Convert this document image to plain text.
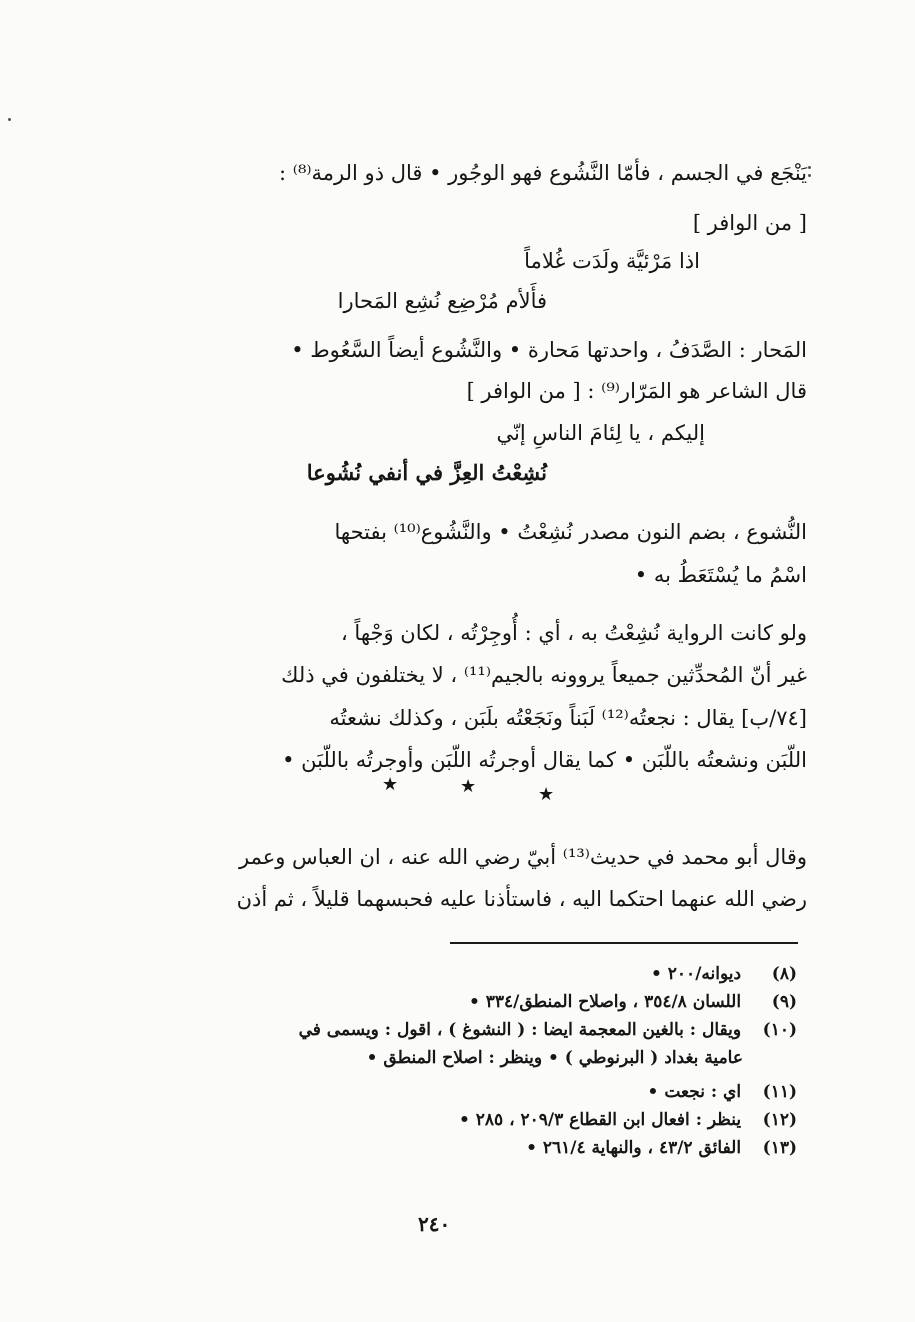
يَنْجَع في الجسم ، فأمّا النَّشُوع فهو الوجُور • قال ذو الرمة⁽⁸⁾ :
[ من الوافر ]
اذا مَرْئيَّة ولَدَت غُلاماً
فأَلأم مُرْضِع نُشِع المَحارا
المَحار : الصَّدَفُ ، واحدتها مَحارة • والنَّشُوع أيضاً السَّعُوط •
قال الشاعر هو المَرّار⁽⁹⁾ : [ من الوافر ]
إليكم ، يا لِئامَ الناسِ إنّي
نُشِعْتُ العِزَّ في أنفي نُشُوعا
النُّشوع ، بضم النون مصدر نُشِعْتُ • والنَّشُوع⁽¹⁰⁾ بفتحها
اسْمُ ما يُسْتَعَطُ به •
ولو كانت الرواية نُشِعْتُ به ، أي : أُوجِرْتُه ، لكان وَجْهاً ،
غير أنّ المُحدِّثين جميعاً يروونه بالجيم⁽¹¹⁾ ، لا يختلفون في ذلك
[٧٤/ب] يقال : نجعتُه⁽¹²⁾ لَبَناً ونَجَعْتُه بلَبَن ، وكذلك نشعتُه
اللّبَن ونشعتُه باللّبَن • كما يقال أوجرتُه اللّبَن وأوجرتُه باللّبَن •
★	★	★
وقال أبو محمد في حديث⁽¹³⁾ أبيّ رضي الله عنه ، ان العباس وعمر
رضي الله عنهما احتكما اليه ، فاستأذنا عليه فحبسهما قليلاً ، ثم أذن
(٨) ديوانه/٢٠٠ •
(٩) اللسان ٣٥٤/٨ ، واصلاح المنطق/٣٣٤ •
(١٠) ويقال : بالغين المعجمة ايضا : ( النشوغ ) ، اقول : ويسمى في
عامية بغداد ( البرنوطي ) • وينظر : اصلاح المنطق •
(١١) اي : نجعت •
(١٢) ينظر : افعال ابن القطاع ٢٠٩/٣ ، ٢٨٥ •
(١٣) الفائق ٤٣/٢ ، والنهاية ٢٦١/٤ •
٢٤٠
